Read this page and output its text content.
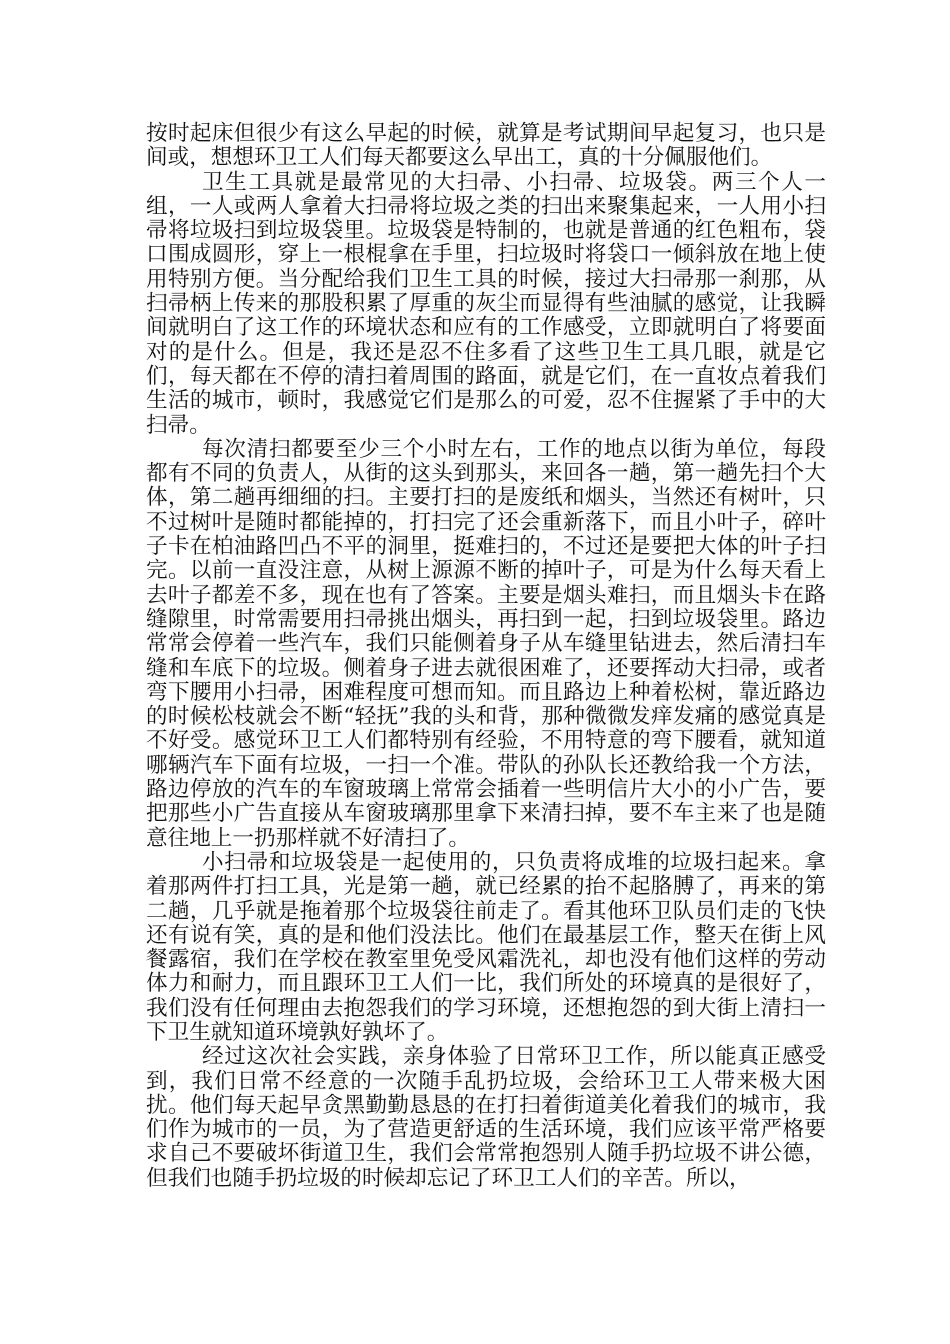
按时起床但很少有这么早起的时候，就算是考试期间早起复习，也只是间或，想想环卫工人们每天都要这么早出工，真的十分佩服他们。

卫生工具就是最常见的大扫帚、小扫帚、垃圾袋。两三个人一组，一人或两人拿着大扫帚将垃圾之类的扫出来聚集起来，一人用小扫帚将垃圾扫到垃圾袋里。垃圾袋是特制的，也就是普通的红色粗布，袋口围成圆形，穿上一根棍拿在手里，扫垃圾时将袋口一倾斜放在地上使用特别方便。当分配给我们卫生工具的时候，接过大扫帚那一刹那，从扫帚柄上传来的那股积累了厚重的灰尘而显得有些油腻的感觉，让我瞬间就明白了这工作的环境状态和应有的工作感受，立即就明白了将要面对的是什么。但是，我还是忍不住多看了这些卫生工具几眼，就是它们，每天都在不停的清扫着周围的路面，就是它们，在一直妆点着我们生活的城市，顿时，我感觉它们是那么的可爱，忍不住握紧了手中的大扫帚。

每次清扫都要至少三个小时左右，工作的地点以街为单位，每段都有不同的负责人，从街的这头到那头，来回各一趟，第一趟先扫个大体，第二趟再细细的扫。主要打扫的是废纸和烟头，当然还有树叶，只不过树叶是随时都能掉的，打扫完了还会重新落下，而且小叶子，碎叶子卡在柏油路凹凸不平的洞里，挺难扫的，不过还是要把大体的叶子扫完。以前一直没注意，从树上源源不断的掉叶子，可是为什么每天看上去叶子都差不多，现在也有了答案。主要是烟头难扫，而且烟头卡在路缝隙里，时常需要用扫帚挑出烟头，再扫到一起，扫到垃圾袋里。路边常常会停着一些汽车，我们只能侧着身子从车缝里钻进去，然后清扫车缝和车底下的垃圾。侧着身子进去就很困难了，还要挥动大扫帚，或者弯下腰用小扫帚，困难程度可想而知。而且路边上种着松树，靠近路边的时候松枝就会不断“轻抚”我的头和背，那种微微发痒发痛的感觉真是不好受。感觉环卫工人们都特别有经验，不用特意的弯下腰看，就知道哪辆汽车下面有垃圾，一扫一个准。带队的孙队长还教给我一个方法，路边停放的汽车的车窗玻璃上常常会插着一些明信片大小的小广告，要把那些小广告直接从车窗玻璃那里拿下来清扫掉，要不车主来了也是随意往地上一扔那样就不好清扫了。

小扫帚和垃圾袋是一起使用的，只负责将成堆的垃圾扫起来。拿着那两件打扫工具，光是第一趟，就已经累的抬不起胳膊了，再来的第二趟，几乎就是拖着那个垃圾袋往前走了。看其他环卫队员们走的飞快还有说有笑，真的是和他们没法比。他们在最基层工作，整天在街上风餐露宿，我们在学校在教室里免受风霜洗礼，却也没有他们这样的劳动体力和耐力，而且跟环卫工人们一比，我们所处的环境真的是很好了，我们没有任何理由去抱怨我们的学习环境，还想抱怨的到大街上清扫一下卫生就知道环境孰好孰坏了。

经过这次社会实践，亲身体验了日常环卫工作，所以能真正感受到，我们日常不经意的一次随手乱扔垃圾，会给环卫工人带来极大困扰。他们每天起早贪黑勤勤恳恳的在打扫着街道美化着我们的城市，我们作为城市的一员，为了营造更舒适的生活环境，我们应该平常严格要求自己不要破坏街道卫生，我们会常常抱怨别人随手扔垃圾不讲公德，但我们也随手扔垃圾的时候却忘记了环卫工人们的辛苦。所以，
